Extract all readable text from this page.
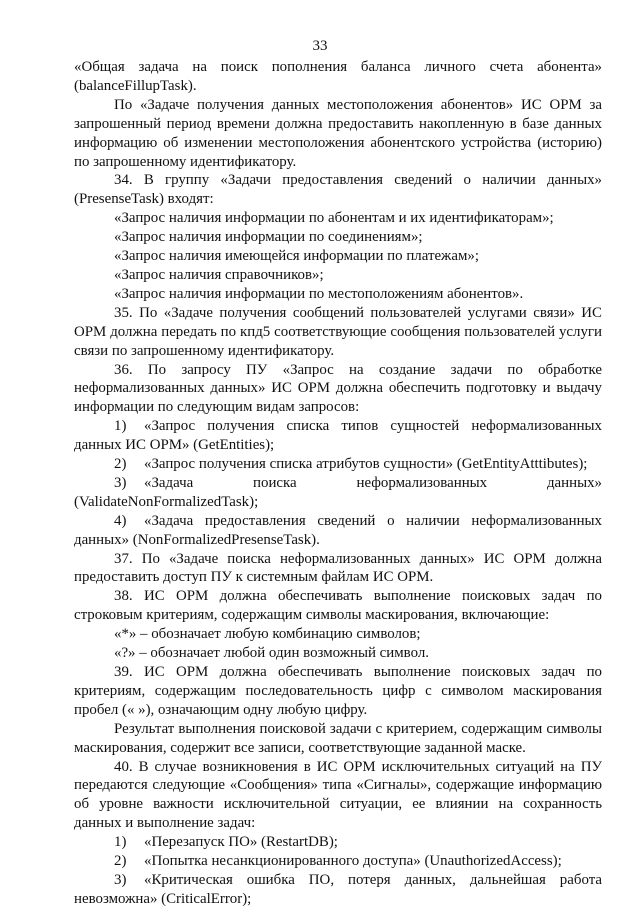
33

«Общая задача на поиск пополнения баланса личного счета абонента» (balanceFillupTask).

По «Задаче получения данных местоположения абонентов» ИС ОРМ за запрошенный период времени должна предоставить накопленную в базе данных информацию об изменении местоположения абонентского устройства (историю) по запрошенному идентификатору.

34. В группу «Задачи предоставления сведений о наличии данных» (PresenseTask) входят:

«Запрос наличия информации по абонентам и их идентификаторам»;

«Запрос наличия информации по соединениям»;

«Запрос наличия имеющейся информации по платежам»;

«Запрос наличия справочников»;

«Запрос наличия информации по местоположениям абонентов».

35. По «Задаче получения сообщений пользователей услугами связи» ИС ОРМ должна передать по кпд5 соответствующие сообщения пользователей услуги связи по запрошенному идентификатору.

36. По запросу ПУ «Запрос на создание задачи по обработке неформализованных данных» ИС ОРМ должна обеспечить подготовку и выдачу информации по следующим видам запросов:

1) «Запрос получения списка типов сущностей неформализованных данных ИС ОРМ» (GetEntities);

2) «Запрос получения списка атрибутов сущности» (GetEntityAtttibutes);

3) «Задача поиска неформализованных данных» (ValidateNonFormalizedTask);

4) «Задача предоставления сведений о наличии неформализованных данных» (NonFormalizedPresenseTask).

37. По «Задаче поиска неформализованных данных» ИС ОРМ должна предоставить доступ ПУ к системным файлам ИС ОРМ.

38. ИС ОРМ должна обеспечивать выполнение поисковых задач по строковым критериям, содержащим символы маскирования, включающие:

«*» – обозначает любую комбинацию символов;

«?» – обозначает любой один возможный символ.

39. ИС ОРМ должна обеспечивать выполнение поисковых задач по критериям, содержащим последовательность цифр с символом маскирования пробел (« »), означающим одну любую цифру.

Результат выполнения поисковой задачи с критерием, содержащим символы маскирования, содержит все записи, соответствующие заданной маске.

40. В случае возникновения в ИС ОРМ исключительных ситуаций на ПУ передаются следующие «Сообщения» типа «Сигналы», содержащие информацию об уровне важности исключительной ситуации, ее влиянии на сохранность данных и выполнение задач:

1) «Перезапуск ПО» (RestartDB);

2) «Попытка несанкционированного доступа» (UnauthorizedAccess);

3) «Критическая ошибка ПО, потеря данных, дальнейшая работа невозможна» (CriticalError);
